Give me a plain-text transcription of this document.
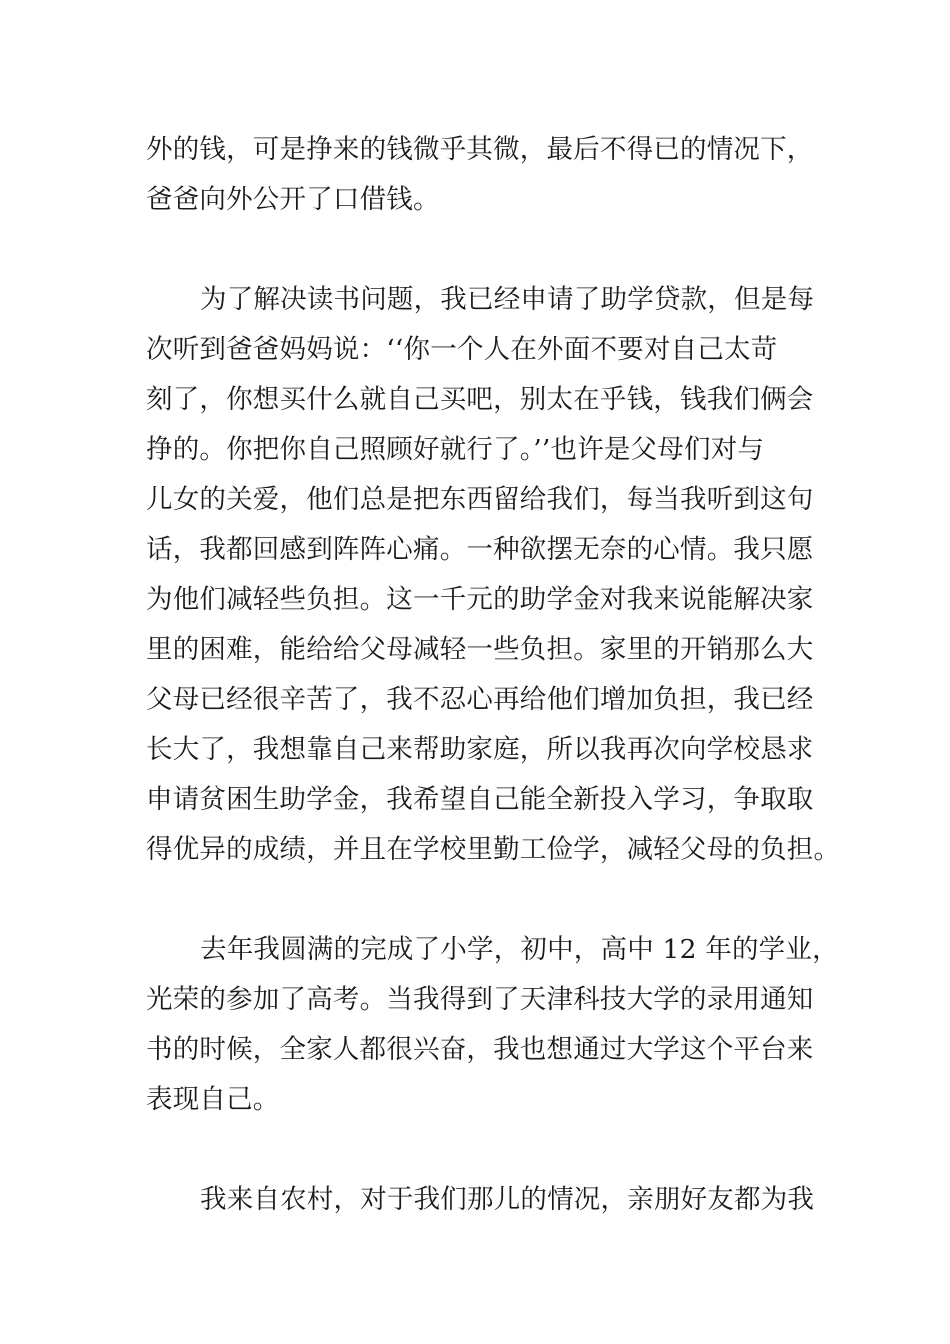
外的钱，可是挣来的钱微乎其微，最后不得已的情况下，
爸爸向外公开了口借钱。
为了解决读书问题，我已经申请了助学贷款，但是每
次听到爸爸妈妈说：‘‘你一个人在外面不要对自己太苛
刻了，你想买什么就自己买吧，别太在乎钱，钱我们俩会
挣的。你把你自己照顾好就行了。’’也许是父母们对与
儿女的关爱，他们总是把东西留给我们，每当我听到这句
话，我都回感到阵阵心痛。一种欲摆无奈的心情。我只愿
为他们减轻些负担。这一千元的助学金对我来说能解决家
里的困难，能给给父母减轻一些负担。家里的开销那么大
父母已经很辛苦了，我不忍心再给他们增加负担，我已经
长大了，我想靠自己来帮助家庭，所以我再次向学校恳求
申请贫困生助学金，我希望自己能全新投入学习，争取取
得优异的成绩，并且在学校里勤工俭学，减轻父母的负担。
去年我圆满的完成了小学，初中，高中 12 年的学业，
光荣的参加了高考。当我得到了天津科技大学的录用通知
书的时候，全家人都很兴奋，我也想通过大学这个平台来
表现自己。
我来自农村，对于我们那儿的情况，亲朋好友都为我
